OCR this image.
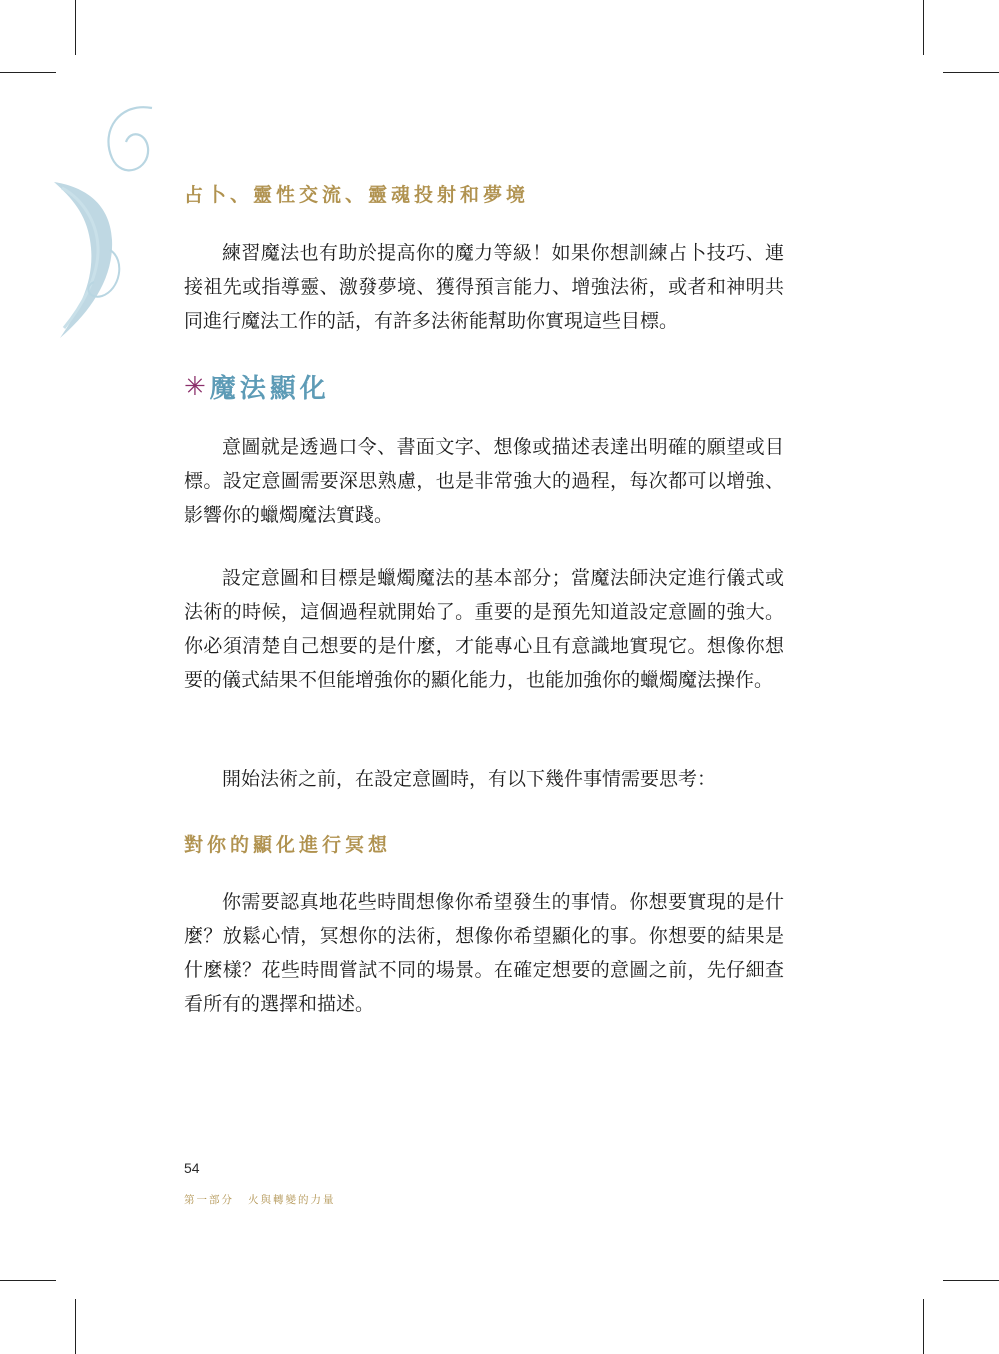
占卜、靈性交流、靈魂投射和夢境

練習魔法也有助於提高你的魔力等級！如果你想訓練占卜技巧、連接祖先或指導靈、激發夢境、獲得預言能力、增強法術，或者和神明共同進行魔法工作的話，有許多法術能幫助你實現這些目標。

✳ 魔法顯化

意圖就是透過口令、書面文字、想像或描述表達出明確的願望或目標。設定意圖需要深思熟慮，也是非常強大的過程，每次都可以增強、影響你的蠟燭魔法實踐。

設定意圖和目標是蠟燭魔法的基本部分；當魔法師決定進行儀式或法術的時候，這個過程就開始了。重要的是預先知道設定意圖的強大。你必須清楚自己想要的是什麼，才能專心且有意識地實現它。想像你想要的儀式結果不但能增強你的顯化能力，也能加強你的蠟燭魔法操作。

開始法術之前，在設定意圖時，有以下幾件事情需要思考：

對你的顯化進行冥想

你需要認真地花些時間想像你希望發生的事情。你想要實現的是什麼？放鬆心情，冥想你的法術，想像你希望顯化的事。你想要的結果是什麼樣？花些時間嘗試不同的場景。在確定想要的意圖之前，先仔細查看所有的選擇和描述。

54

第一部分 火與轉變的力量
